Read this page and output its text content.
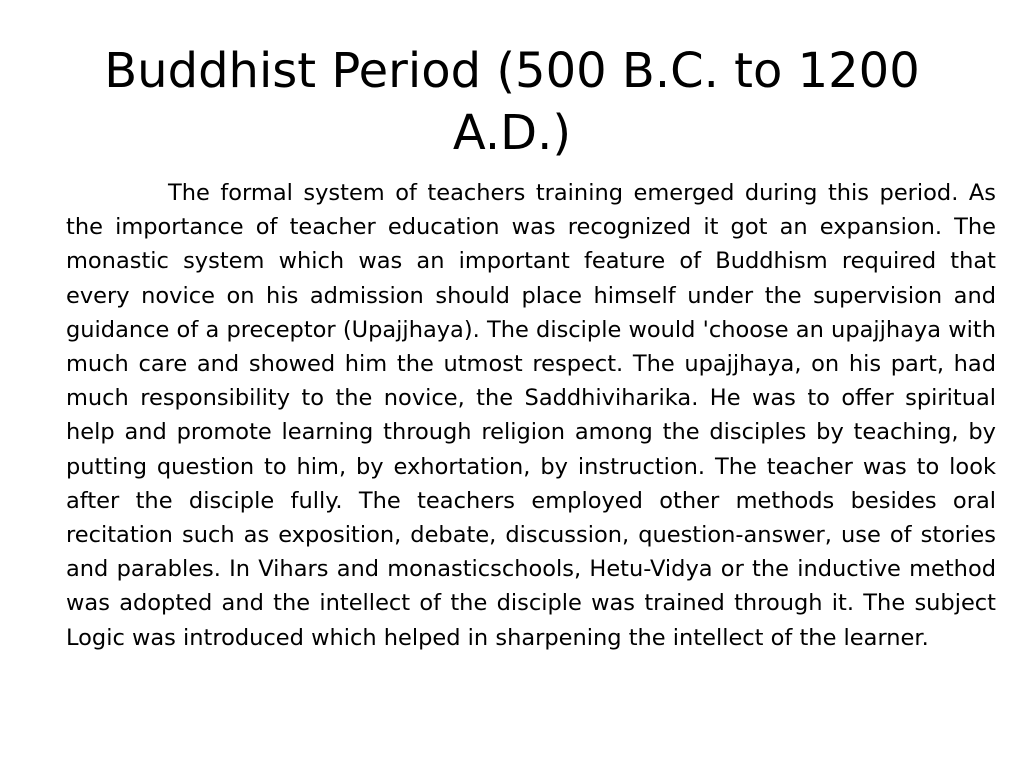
Buddhist Period (500 B.C. to 1200 A.D.)

The formal system of teachers training emerged during this period. As the importance of teacher education was recognized it got an expansion. The monastic system which was an important feature of Buddhism required that every novice on his admission should place himself under the supervision and guidance of a preceptor (Upajjhaya). The disciple would 'choose an upajjhaya with much care and showed him the utmost respect. The upajjhaya, on his part, had much responsibility to the novice, the Saddhiviharika. He was to offer spiritual help and promote learning through religion among the disciples by teaching, by putting question to him, by exhortation, by instruction. The teacher was to look after the disciple fully. The teachers employed other methods besides oral recitation such as exposition, debate, discussion, question-answer, use of stories and parables. In Vihars and monasticschools, Hetu-Vidya or the inductive method was adopted and the intellect of the disciple was trained through it. The subject Logic was introduced which helped in sharpening the intellect of the learner.
